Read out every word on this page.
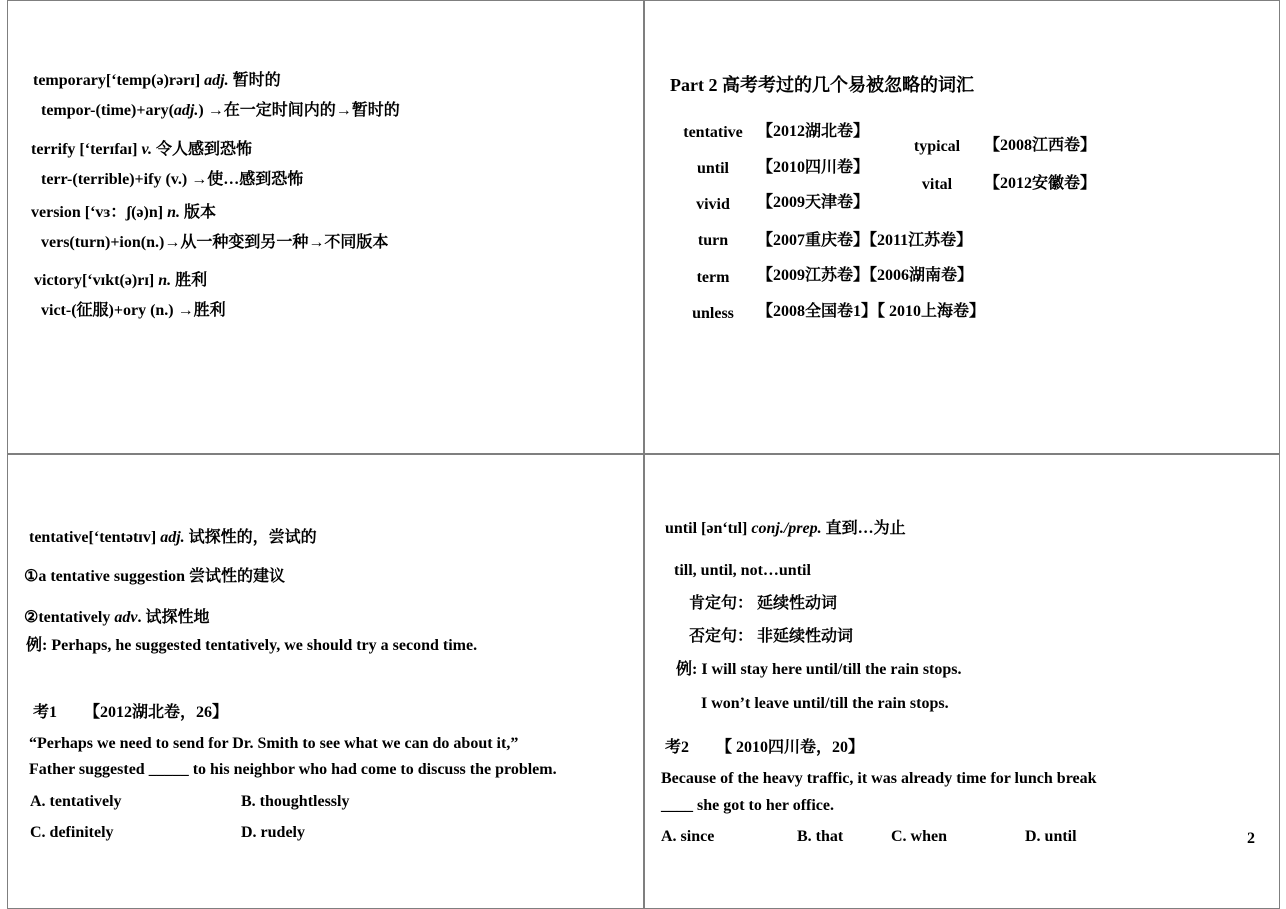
temporary[‘temp(ə)rərɪ] adj. 暂时的
tempor-(time)+ary(adj.) →在一定时间内的→暂时的
terrify [‘terɪfaɪ] v. 令人感到恐怖
terr-(terrible)+ify (v.) →使…感到恐怖
version [‘vɜ：ʃ(ə)n] n. 版本
vers(turn)+ion(n.)→从一种变到另一种→不同版本
victory[‘vɪkt(ə)rɪ] n. 胜利
vict-(征服)+ory (n.) →胜利
Part 2 高考考过的几个易被忽略的词汇
tentative 【2012湖北卷】
until	【2010四川卷】
vivid	【2009天津卷】
turn	【2007重庆卷】【2011江苏卷】
term	【2009江苏卷】【2006湖南卷】
unless	【2008全国卷1】【 2010上海卷】
typical	【2008江西卷】
vital	【2012安徽卷】
tentative[‘tentətɪv] adj. 试探性的，尝试的
①a tentative suggestion 尝试性的建议
②tentatively adv. 试探性地
例: Perhaps, he suggested tentatively, we should try a second time.
考1 【2012湖北卷，26】
“Perhaps we need to send for Dr. Smith to see what we can do about it,”
Father suggested _____ to his neighbor who had come to discuss the problem.
A. tentatively	B. thoughtlessly
C. definitely	D. rudely
until [ən‘tɪl] conj./prep. 直到…为止
till, until, not…until
肯定句： 延续性动词
否定句： 非延续性动词
例: I will stay here until/till the rain stops.
I won’t leave until/till the rain stops.
考2 【 2010四川卷，20】
Because of the heavy traffic, it was already time for lunch break
____ she got to her office.
A. since	B. that	C. when	D. until	2
